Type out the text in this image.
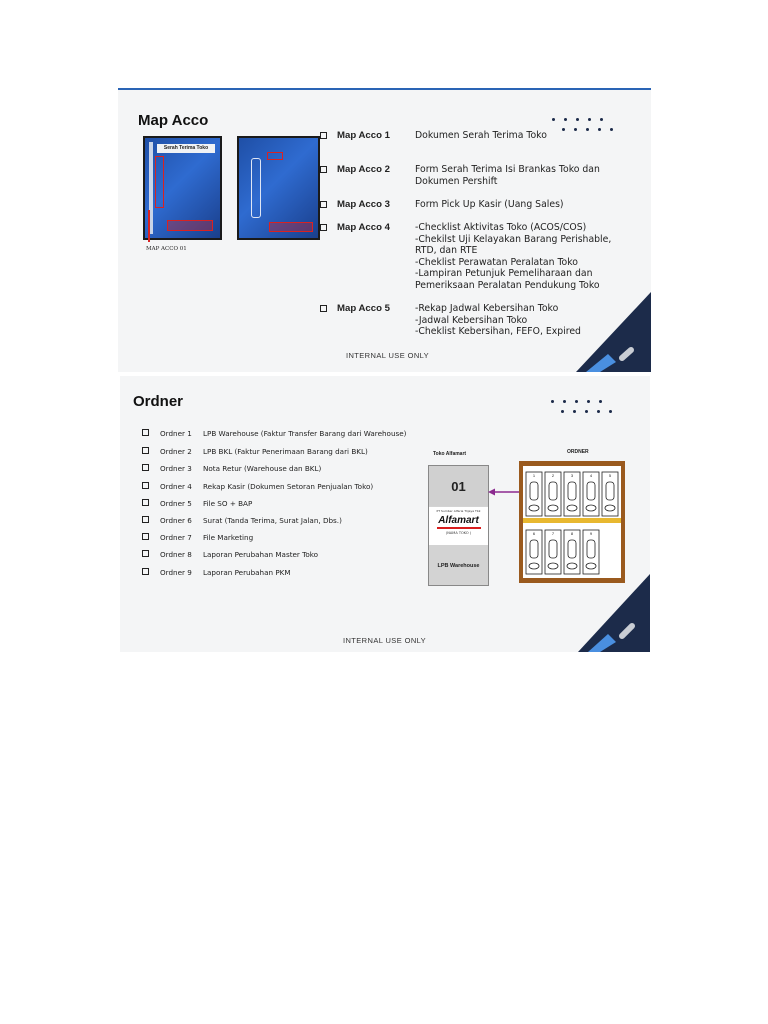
Map Acco
Serah Terima Toko
MAP ACCO 01
Map Acco 1	Dokumen Serah Terima Toko
Map Acco 2	Form Serah Terima Isi Brankas Toko dan
Dokumen Pershift
Map Acco 3	Form Pick Up Kasir (Uang Sales)
Map Acco 4	-Checklist Aktivitas Toko (ACOS/COS)
-Chekilst Uji Kelayakan Barang Perishable,
RTD, dan RTE
-Cheklist Perawatan Peralatan Toko
-Lampiran Petunjuk Pemeliharaan dan
Pemeriksaan Peralatan Pendukung Toko
Map Acco 5	-Rekap Jadwal Kebersihan Toko
-Jadwal Kebersihan Toko
-Cheklist Kebersihan, FEFO, Expired
INTERNAL USE ONLY
Ordner
Ordner 1	LPB Warehouse (Faktur Transfer Barang dari Warehouse)
Ordner 2	LPB BKL (Faktur Penerimaan Barang dari BKL)
Ordner 3	Nota Retur (Warehouse dan BKL)
Ordner 4	Rekap Kasir (Dokumen Setoran Penjualan Toko)
Ordner 5	File SO + BAP
Ordner 6	Surat (Tanda Terima, Surat Jalan, Dbs.)
Ordner 7	File Marketing
Ordner 8	Laporan Perubahan Master Toko
Ordner 9	Laporan Perubahan PKM
Toko Alfamart
01
PT Sumber Alfaria Trijaya Tbk
Alfamart
(NAMA TOKO )
LPB Warehouse
ORDNER
1	2	3	4	5
6	7	8	9
INTERNAL USE ONLY
